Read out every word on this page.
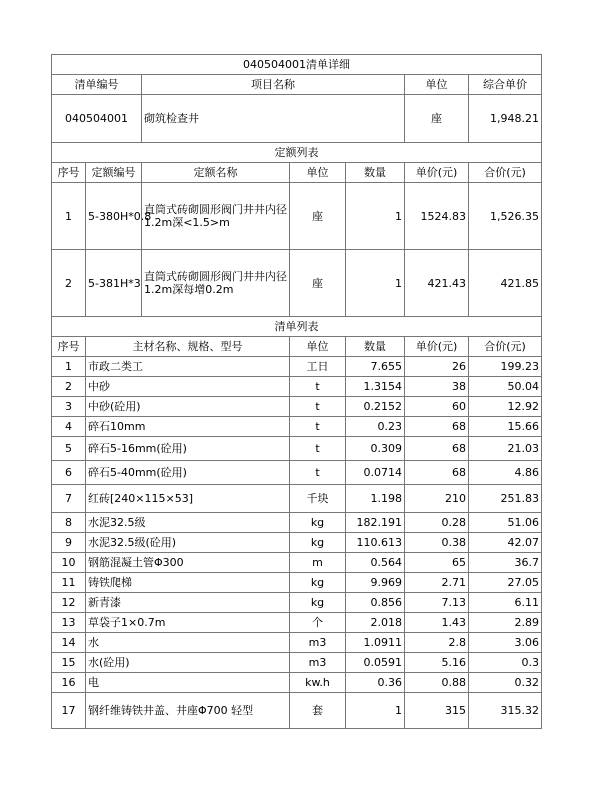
040504001清单详细						
清单编号		项目名称			单位	综合单价
040504001		砌筑检查井			座	1,948.21
定额列表						
序号	定额编号	定额名称	单位	数量	单价(元)	合价(元)
1	5-380H*0.8	直筒式砖砌圆形阀门井井内径1.2m深<1.5>m	座	1	1524.83	1,526.35
2	5-381H*3	直筒式砖砌圆形阀门井井内径1.2m深每增0.2m	座	1	421.43	421.85
清单列表						
序号	主材名称、规格、型号		单位	数量	单价(元)	合价(元)
1	市政二类工		工日	7.655	26	199.23
2	中砂		t	1.3154	38	50.04
3	中砂(砼用)		t	0.2152	60	12.92
4	碎石10mm		t	0.23	68	15.66
5	碎石5-16mm(砼用)		t	0.309	68	21.03
6	碎石5-40mm(砼用)		t	0.0714	68	4.86
7	红砖[240×115×53]		千块	1.198	210	251.83
8	水泥32.5级		kg	182.191	0.28	51.06
9	水泥32.5级(砼用)		kg	110.613	0.38	42.07
10	钢筋混凝土管Φ300		m	0.564	65	36.7
11	铸铁爬梯		kg	9.969	2.71	27.05
12	新青漆		kg	0.856	7.13	6.11
13	草袋子1×0.7m		个	2.018	1.43	2.89
14	水		m3	1.0911	2.8	3.06
15	水(砼用)		m3	0.0591	5.16	0.3
16	电		kw.h	0.36	0.88	0.32
17	钢纤维铸铁井盖、井座Φ700 轻型		套	1	315	315.32
